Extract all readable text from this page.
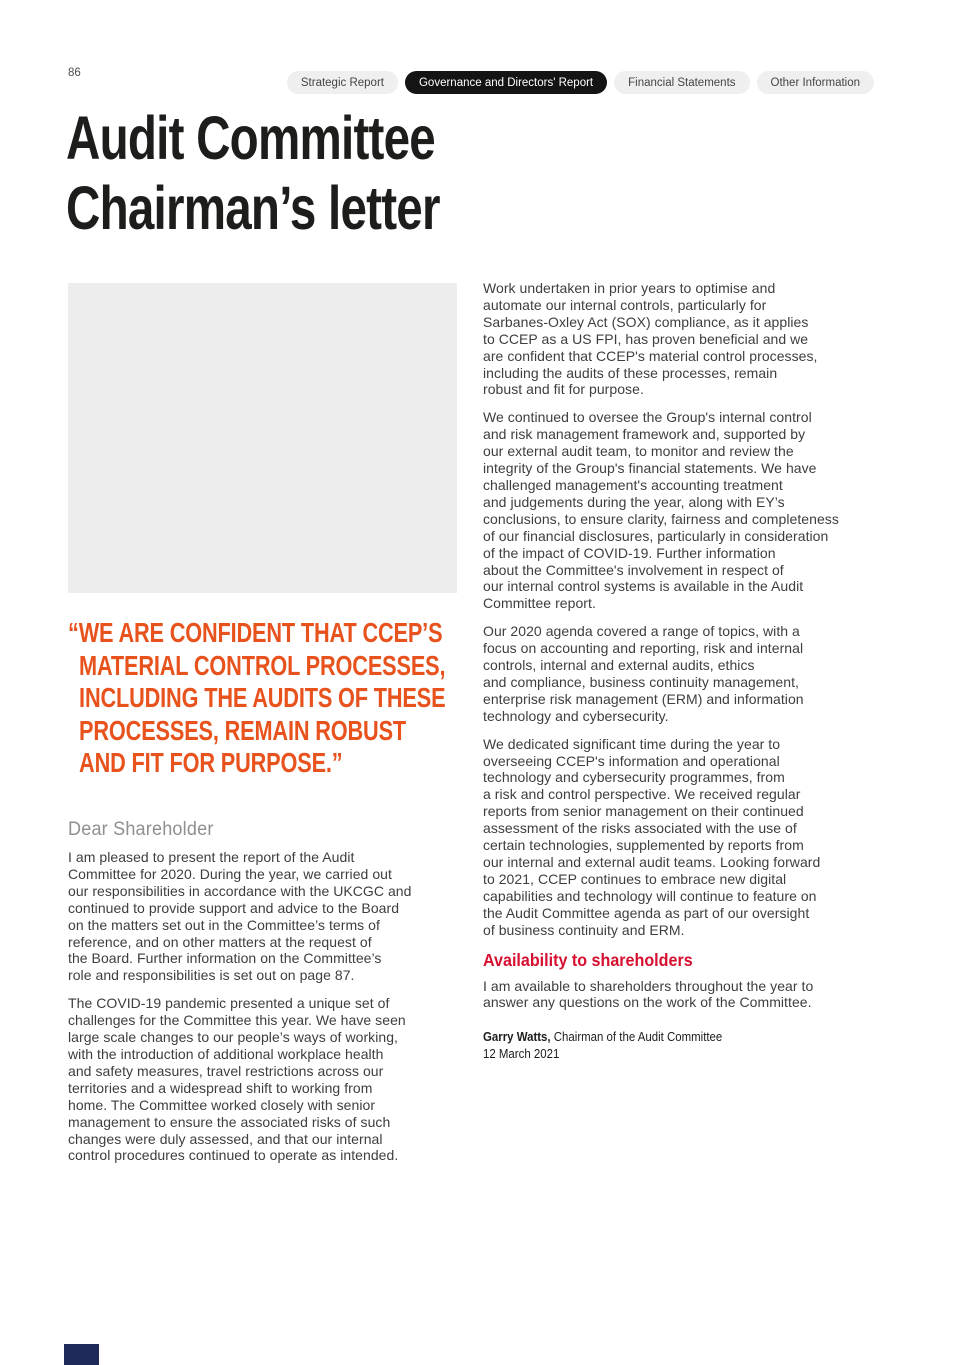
86
Strategic Report	Governance and Directors' Report	Financial Statements	Other Information
Audit Committee
Chairman’s letter
“WE ARE CONFIDENT THAT CCEP’S
MATERIAL CONTROL PROCESSES,
INCLUDING THE AUDITS OF THESE
PROCESSES, REMAIN ROBUST
AND FIT FOR PURPOSE.”
Dear Shareholder

I am pleased to present the report of the Audit
Committee for 2020. During the year, we carried out
our responsibilities in accordance with the UKCGC and
continued to provide support and advice to the Board
on the matters set out in the Committee’s terms of
reference, and on other matters at the request of
the Board. Further information on the Committee’s
role and responsibilities is set out on page 87.

The COVID-19 pandemic presented a unique set of
challenges for the Committee this year. We have seen
large scale changes to our people’s ways of working,
with the introduction of additional workplace health
and safety measures, travel restrictions across our
territories and a widespread shift to working from
home. The Committee worked closely with senior
management to ensure the associated risks of such
changes were duly assessed, and that our internal
control procedures continued to operate as intended.

Work undertaken in prior years to optimise and
automate our internal controls, particularly for
Sarbanes-Oxley Act (SOX) compliance, as it applies
to CCEP as a US FPI, has proven beneficial and we
are confident that CCEP's material control processes,
including the audits of these processes, remain
robust and fit for purpose.

We continued to oversee the Group's internal control
and risk management framework and, supported by
our external audit team, to monitor and review the
integrity of the Group's financial statements. We have
challenged management's accounting treatment
and judgements during the year, along with EY’s
conclusions, to ensure clarity, fairness and completeness
of our financial disclosures, particularly in consideration
of the impact of COVID-19. Further information
about the Committee's involvement in respect of
our internal control systems is available in the Audit
Committee report.

Our 2020 agenda covered a range of topics, with a
focus on accounting and reporting, risk and internal
controls, internal and external audits, ethics
and compliance, business continuity management,
enterprise risk management (ERM) and information
technology and cybersecurity.

We dedicated significant time during the year to
overseeing CCEP's information and operational
technology and cybersecurity programmes, from
a risk and control perspective. We received regular
reports from senior management on their continued
assessment of the risks associated with the use of
certain technologies, supplemented by reports from
our internal and external audit teams. Looking forward
to 2021, CCEP continues to embrace new digital
capabilities and technology will continue to feature on
the Audit Committee agenda as part of our oversight
of business continuity and ERM.

Availability to shareholders

I am available to shareholders throughout the year to
answer any questions on the work of the Committee.

Garry Watts, Chairman of the Audit Committee
12 March 2021
